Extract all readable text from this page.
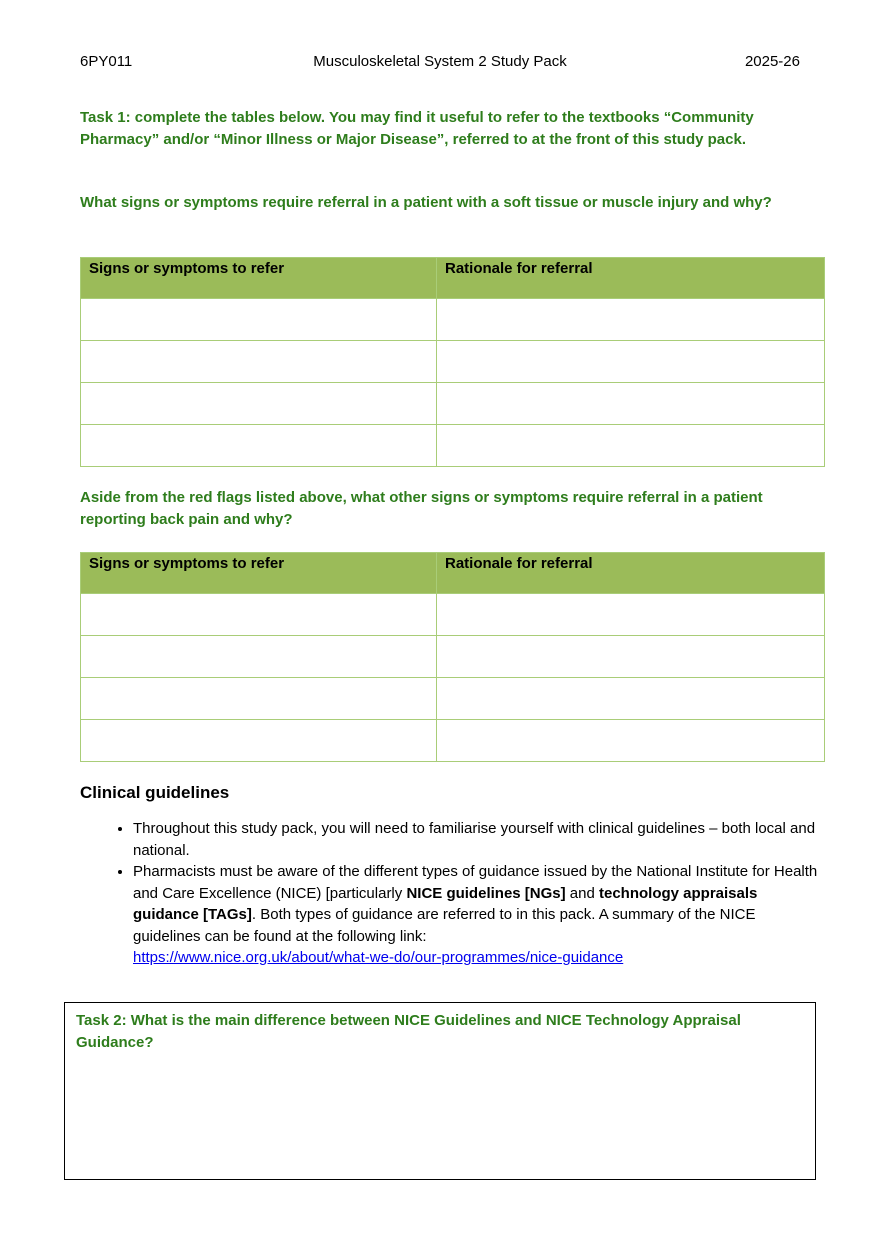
6PY011	Musculoskeletal System 2 Study Pack	2025-26
Task 1: complete the tables below. You may find it useful to refer to the textbooks “Community Pharmacy” and/or “Minor Illness or Major Disease”, referred to at the front of this study pack.
What signs or symptoms require referral in a patient with a soft tissue or muscle injury and why?
Signs or symptoms to refer	Rationale for referral

Aside from the red flags listed above, what other signs or symptoms require referral in a patient reporting back pain and why?
Signs or symptoms to refer	Rationale for referral

Clinical guidelines
• Throughout this study pack, you will need to familiarise yourself with clinical guidelines – both local and national.
• Pharmacists must be aware of the different types of guidance issued by the National Institute for Health and Care Excellence (NICE) [particularly NICE guidelines [NGs] and technology appraisals guidance [TAGs]. Both types of guidance are referred to in this pack. A summary of the NICE guidelines can be found at the following link:
https://www.nice.org.uk/about/what-we-do/our-programmes/nice-guidance
Task 2: What is the main difference between NICE Guidelines and NICE Technology Appraisal Guidance?
